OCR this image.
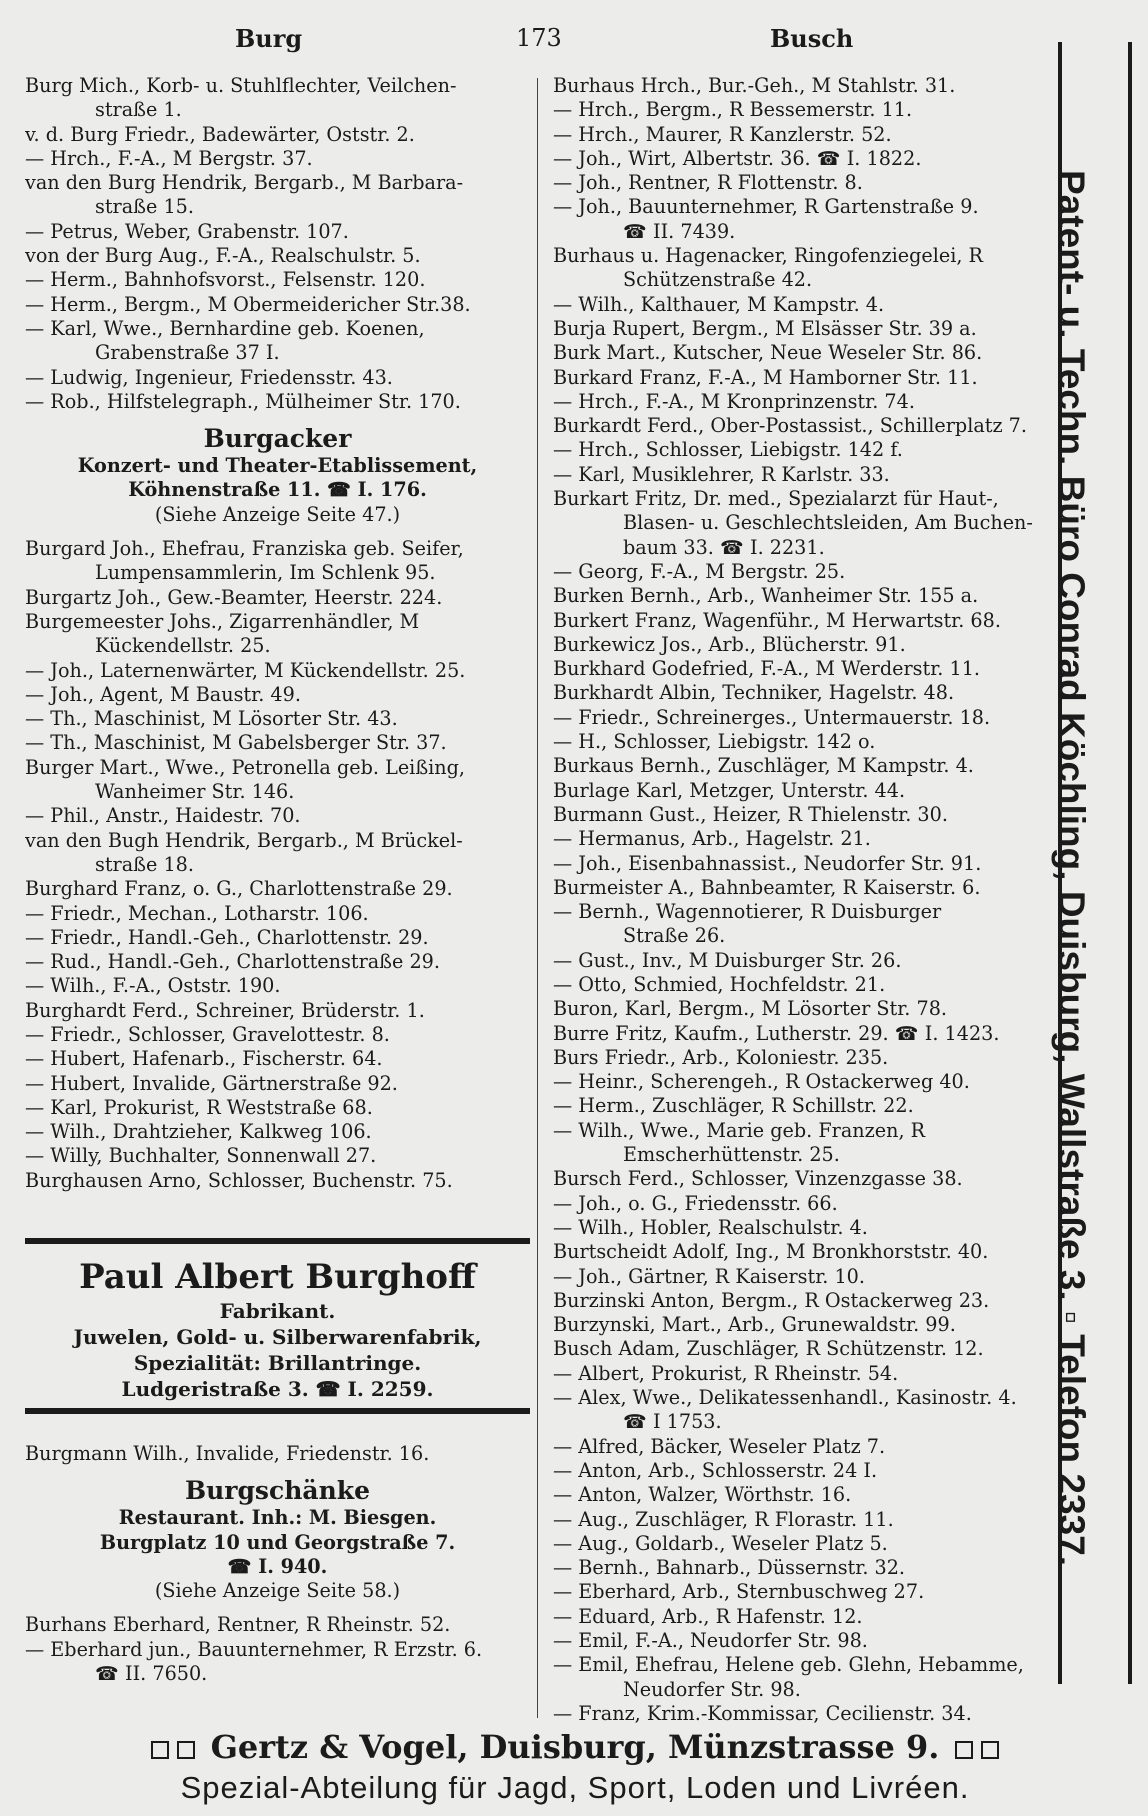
Burg	173	Busch
Burg Mich., Korb- u. Stuhlflechter, Veilchen-
straße 1.
v. d. Burg Friedr., Badewärter, Oststr. 2.
— Hrch., F.-A., M Bergstr. 37.
van den Burg Hendrik, Bergarb., M Barbara-
straße 15.
— Petrus, Weber, Grabenstr. 107.
von der Burg Aug., F.-A., Realschulstr. 5.
— Herm., Bahnhofsvorst., Felsenstr. 120.
— Herm., Bergm., M Obermeidericher Str.38.
— Karl, Wwe., Bernhardine geb. Koenen,
Grabenstraße 37 I.
— Ludwig, Ingenieur, Friedensstr. 43.
— Rob., Hilfstelegraph., Mülheimer Str. 170.
Burgacker
Konzert- und Theater-Etablissement,
Köhnenstraße 11. ☎ I. 176.
(Siehe Anzeige Seite 47.)
Burgard Joh., Ehefrau, Franziska geb. Seifer,
Lumpensammlerin, Im Schlenk 95.
Burgartz Joh., Gew.-Beamter, Heerstr. 224.
Burgemeester Johs., Zigarrenhändler, M
Kückendellstr. 25.
— Joh., Laternenwärter, M Kückendellstr. 25.
— Joh., Agent, M Baustr. 49.
— Th., Maschinist, M Lösorter Str. 43.
— Th., Maschinist, M Gabelsberger Str. 37.
Burger Mart., Wwe., Petronella geb. Leißing,
Wanheimer Str. 146.
— Phil., Anstr., Haidestr. 70.
van den Bugh Hendrik, Bergarb., M Brückel-
straße 18.
Burghard Franz, o. G., Charlottenstraße 29.
— Friedr., Mechan., Lotharstr. 106.
— Friedr., Handl.-Geh., Charlottenstr. 29.
— Rud., Handl.-Geh., Charlottenstraße 29.
— Wilh., F.-A., Oststr. 190.
Burghardt Ferd., Schreiner, Brüderstr. 1.
— Friedr., Schlosser, Gravelottestr. 8.
— Hubert, Hafenarb., Fischerstr. 64.
— Hubert, Invalide, Gärtnerstraße 92.
— Karl, Prokurist, R Weststraße 68.
— Wilh., Drahtzieher, Kalkweg 106.
— Willy, Buchhalter, Sonnenwall 27.
Burghausen Arno, Schlosser, Buchenstr. 75.
Paul Albert Burghoff
Fabrikant.
Juwelen, Gold- u. Silberwarenfabrik,
Spezialität: Brillantringe.
Ludgeristraße 3. ☎ I. 2259.
Burgmann Wilh., Invalide, Friedenstr. 16.
Burgschänke
Restaurant. Inh.: M. Biesgen.
Burgplatz 10 und Georgstraße 7.
☎ I. 940.
(Siehe Anzeige Seite 58.)
Burhans Eberhard, Rentner, R Rheinstr. 52.
— Eberhard jun., Bauunternehmer, R Erzstr. 6.
☎ II. 7650.
Burhaus Hrch., Bur.-Geh., M Stahlstr. 31.
— Hrch., Bergm., R Bessemerstr. 11.
— Hrch., Maurer, R Kanzlerstr. 52.
— Joh., Wirt, Albertstr. 36. ☎ I. 1822.
— Joh., Rentner, R Flottenstr. 8.
— Joh., Bauunternehmer, R Gartenstraße 9.
☎ II. 7439.
Burhaus u. Hagenacker, Ringofenziegelei, R
Schützenstraße 42.
— Wilh., Kalthauer, M Kampstr. 4.
Burja Rupert, Bergm., M Elsässer Str. 39 a.
Burk Mart., Kutscher, Neue Weseler Str. 86.
Burkard Franz, F.-A., M Hamborner Str. 11.
— Hrch., F.-A., M Kronprinzenstr. 74.
Burkardt Ferd., Ober-Postassist., Schillerplatz 7.
— Hrch., Schlosser, Liebigstr. 142 f.
— Karl, Musiklehrer, R Karlstr. 33.
Burkart Fritz, Dr. med., Spezialarzt für Haut-,
Blasen- u. Geschlechtsleiden, Am Buchen-
baum 33. ☎ I. 2231.
— Georg, F.-A., M Bergstr. 25.
Burken Bernh., Arb., Wanheimer Str. 155 a.
Burkert Franz, Wagenführ., M Herwartstr. 68.
Burkewicz Jos., Arb., Blücherstr. 91.
Burkhard Godefried, F.-A., M Werderstr. 11.
Burkhardt Albin, Techniker, Hagelstr. 48.
— Friedr., Schreinerges., Untermauerstr. 18.
— H., Schlosser, Liebigstr. 142 o.
Burkaus Bernh., Zuschläger, M Kampstr. 4.
Burlage Karl, Metzger, Unterstr. 44.
Burmann Gust., Heizer, R Thielenstr. 30.
— Hermanus, Arb., Hagelstr. 21.
— Joh., Eisenbahnassist., Neudorfer Str. 91.
Burmeister A., Bahnbeamter, R Kaiserstr. 6.
— Bernh., Wagennotierer, R Duisburger
Straße 26.
— Gust., Inv., M Duisburger Str. 26.
— Otto, Schmied, Hochfeldstr. 21.
Buron, Karl, Bergm., M Lösorter Str. 78.
Burre Fritz, Kaufm., Lutherstr. 29. ☎ I. 1423.
Burs Friedr., Arb., Koloniestr. 235.
— Heinr., Scherengeh., R Ostackerweg 40.
— Herm., Zuschläger, R Schillstr. 22.
— Wilh., Wwe., Marie geb. Franzen, R
Emscherhüttenstr. 25.
Bursch Ferd., Schlosser, Vinzenzgasse 38.
— Joh., o. G., Friedensstr. 66.
— Wilh., Hobler, Realschulstr. 4.
Burtscheidt Adolf, Ing., M Bronkhorststr. 40.
— Joh., Gärtner, R Kaiserstr. 10.
Burzinski Anton, Bergm., R Ostackerweg 23.
Burzynski, Mart., Arb., Grunewaldstr. 99.
Busch Adam, Zuschläger, R Schützenstr. 12.
— Albert, Prokurist, R Rheinstr. 54.
— Alex, Wwe., Delikatessenhandl., Kasinostr. 4.
☎ I 1753.
— Alfred, Bäcker, Weseler Platz 7.
— Anton, Arb., Schlosserstr. 24 I.
— Anton, Walzer, Wörthstr. 16.
— Aug., Zuschläger, R Florastr. 11.
— Aug., Goldarb., Weseler Platz 5.
— Bernh., Bahnarb., Düssernstr. 32.
— Eberhard, Arb., Sternbuschweg 27.
— Eduard, Arb., R Hafenstr. 12.
— Emil, F.-A., Neudorfer Str. 98.
— Emil, Ehefrau, Helene geb. Glehn, Hebamme,
Neudorfer Str. 98.
— Franz, Krim.-Kommissar, Cecilienstr. 34.
Patent- u. Techn. Büro Conrad Köchling, Duisburg, Wallstraße 3. ▫ Telefon 2337.
Gertz & Vogel, Duisburg, Münzstrasse 9.
Spezial-Abteilung für Jagd, Sport, Loden und Livréen.
